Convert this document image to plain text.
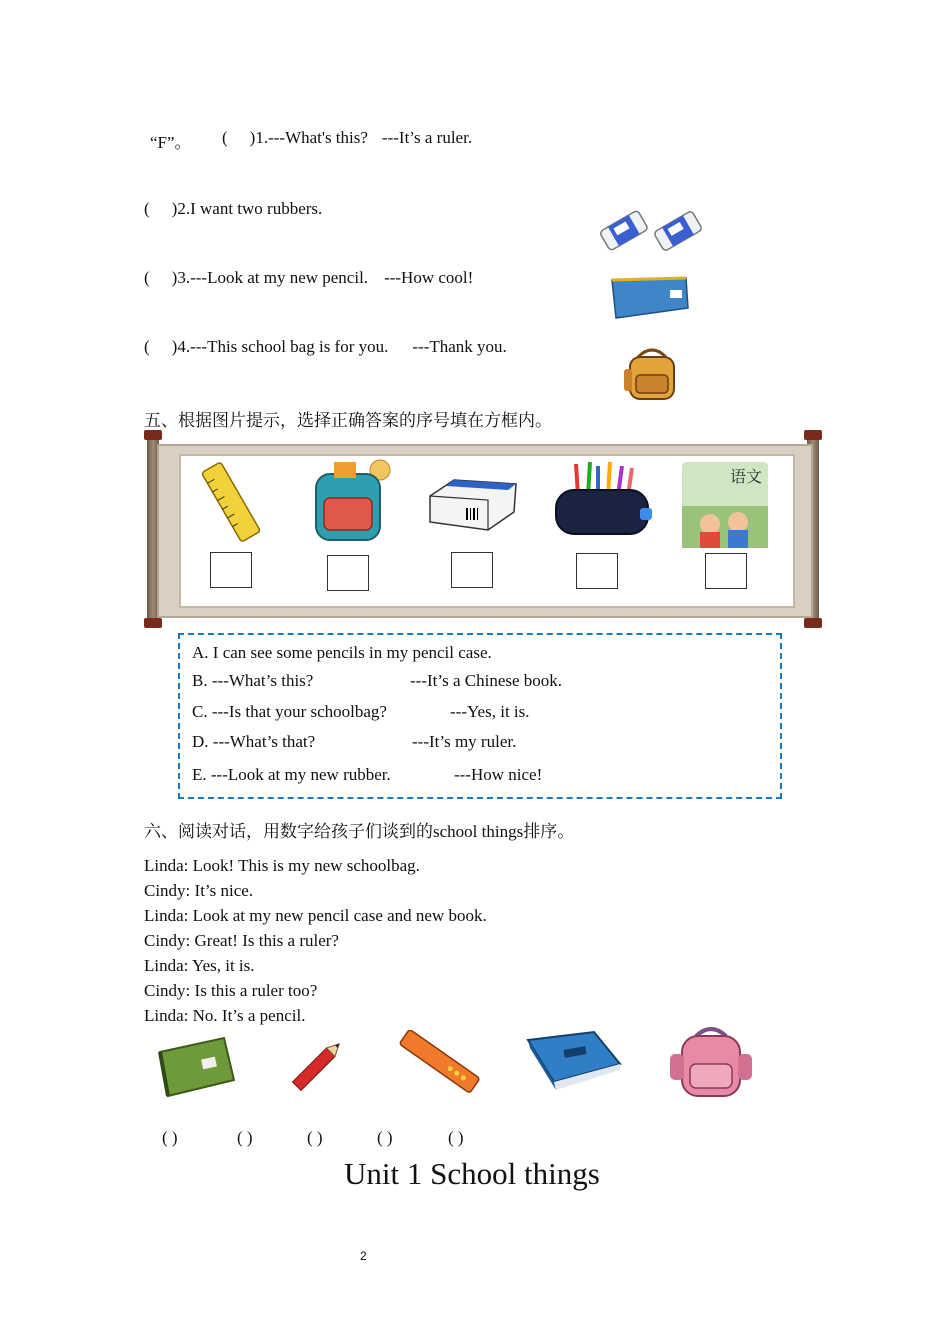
“F”。 ( )1.---What's this? ---It’s a ruler.
( )2.I want two rubbers.
( )3.---Look at my new pencil. ---How cool!
( )4.---This school bag is for you. ---Thank you.
五、根据图片提示，选择正确答案的序号填在方框内。
语文
A. I can see some pencils in my pencil case.
B. ---What’s this?	---It’s a Chinese book.
C. ---Is that your schoolbag?	---Yes, it is.
D. ---What’s that?	---It’s my ruler.
E. ---Look at my new rubber.	---How nice!
六、阅读对话，用数字给孩子们谈到的school things排序。
Linda: Look! This is my new schoolbag.
Cindy: It’s nice.
Linda: Look at my new pencil case and new book.
Cindy: Great! Is this a ruler?
Linda: Yes, it is.
Cindy: Is this a ruler too?
Linda: No. It’s a pencil.
( )	( )	( )	( )	( )
Unit 1 School things
2
